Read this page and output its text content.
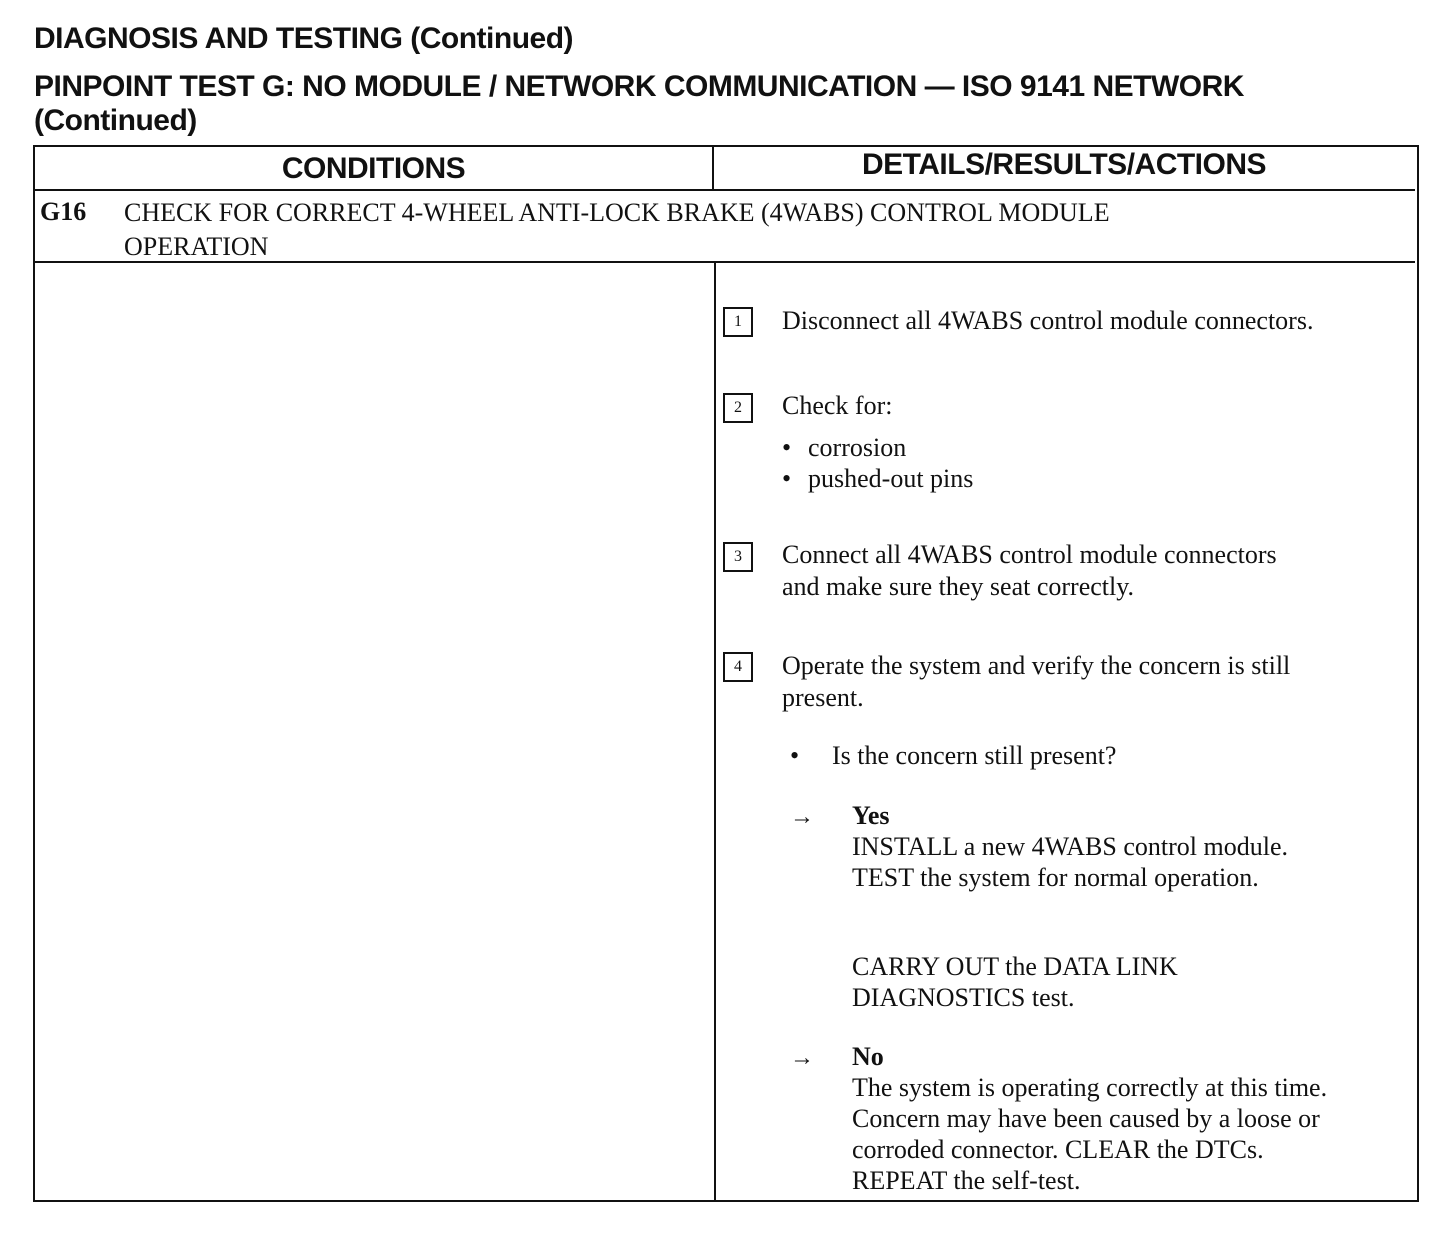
DIAGNOSIS AND TESTING (Continued)
PINPOINT TEST G: NO MODULE / NETWORK COMMUNICATION — ISO 9141 NETWORK
(Continued)
CONDITIONS	DETAILS/RESULTS/ACTIONS
G16 CHECK FOR CORRECT 4-WHEEL ANTI-LOCK BRAKE (4WABS) CONTROL MODULE
OPERATION
1	Disconnect all 4WABS control module connectors.
2	Check for:
• corrosion
• pushed-out pins
3	Connect all 4WABS control module connectors
and make sure they seat correctly.
4	Operate the system and verify the concern is still
present.
• Is the concern still present?
→ Yes
INSTALL a new 4WABS control module.
TEST the system for normal operation.
CARRY OUT the DATA LINK
DIAGNOSTICS test.
→ No
The system is operating correctly at this time.
Concern may have been caused by a loose or
corroded connector. CLEAR the DTCs.
REPEAT the self-test.
